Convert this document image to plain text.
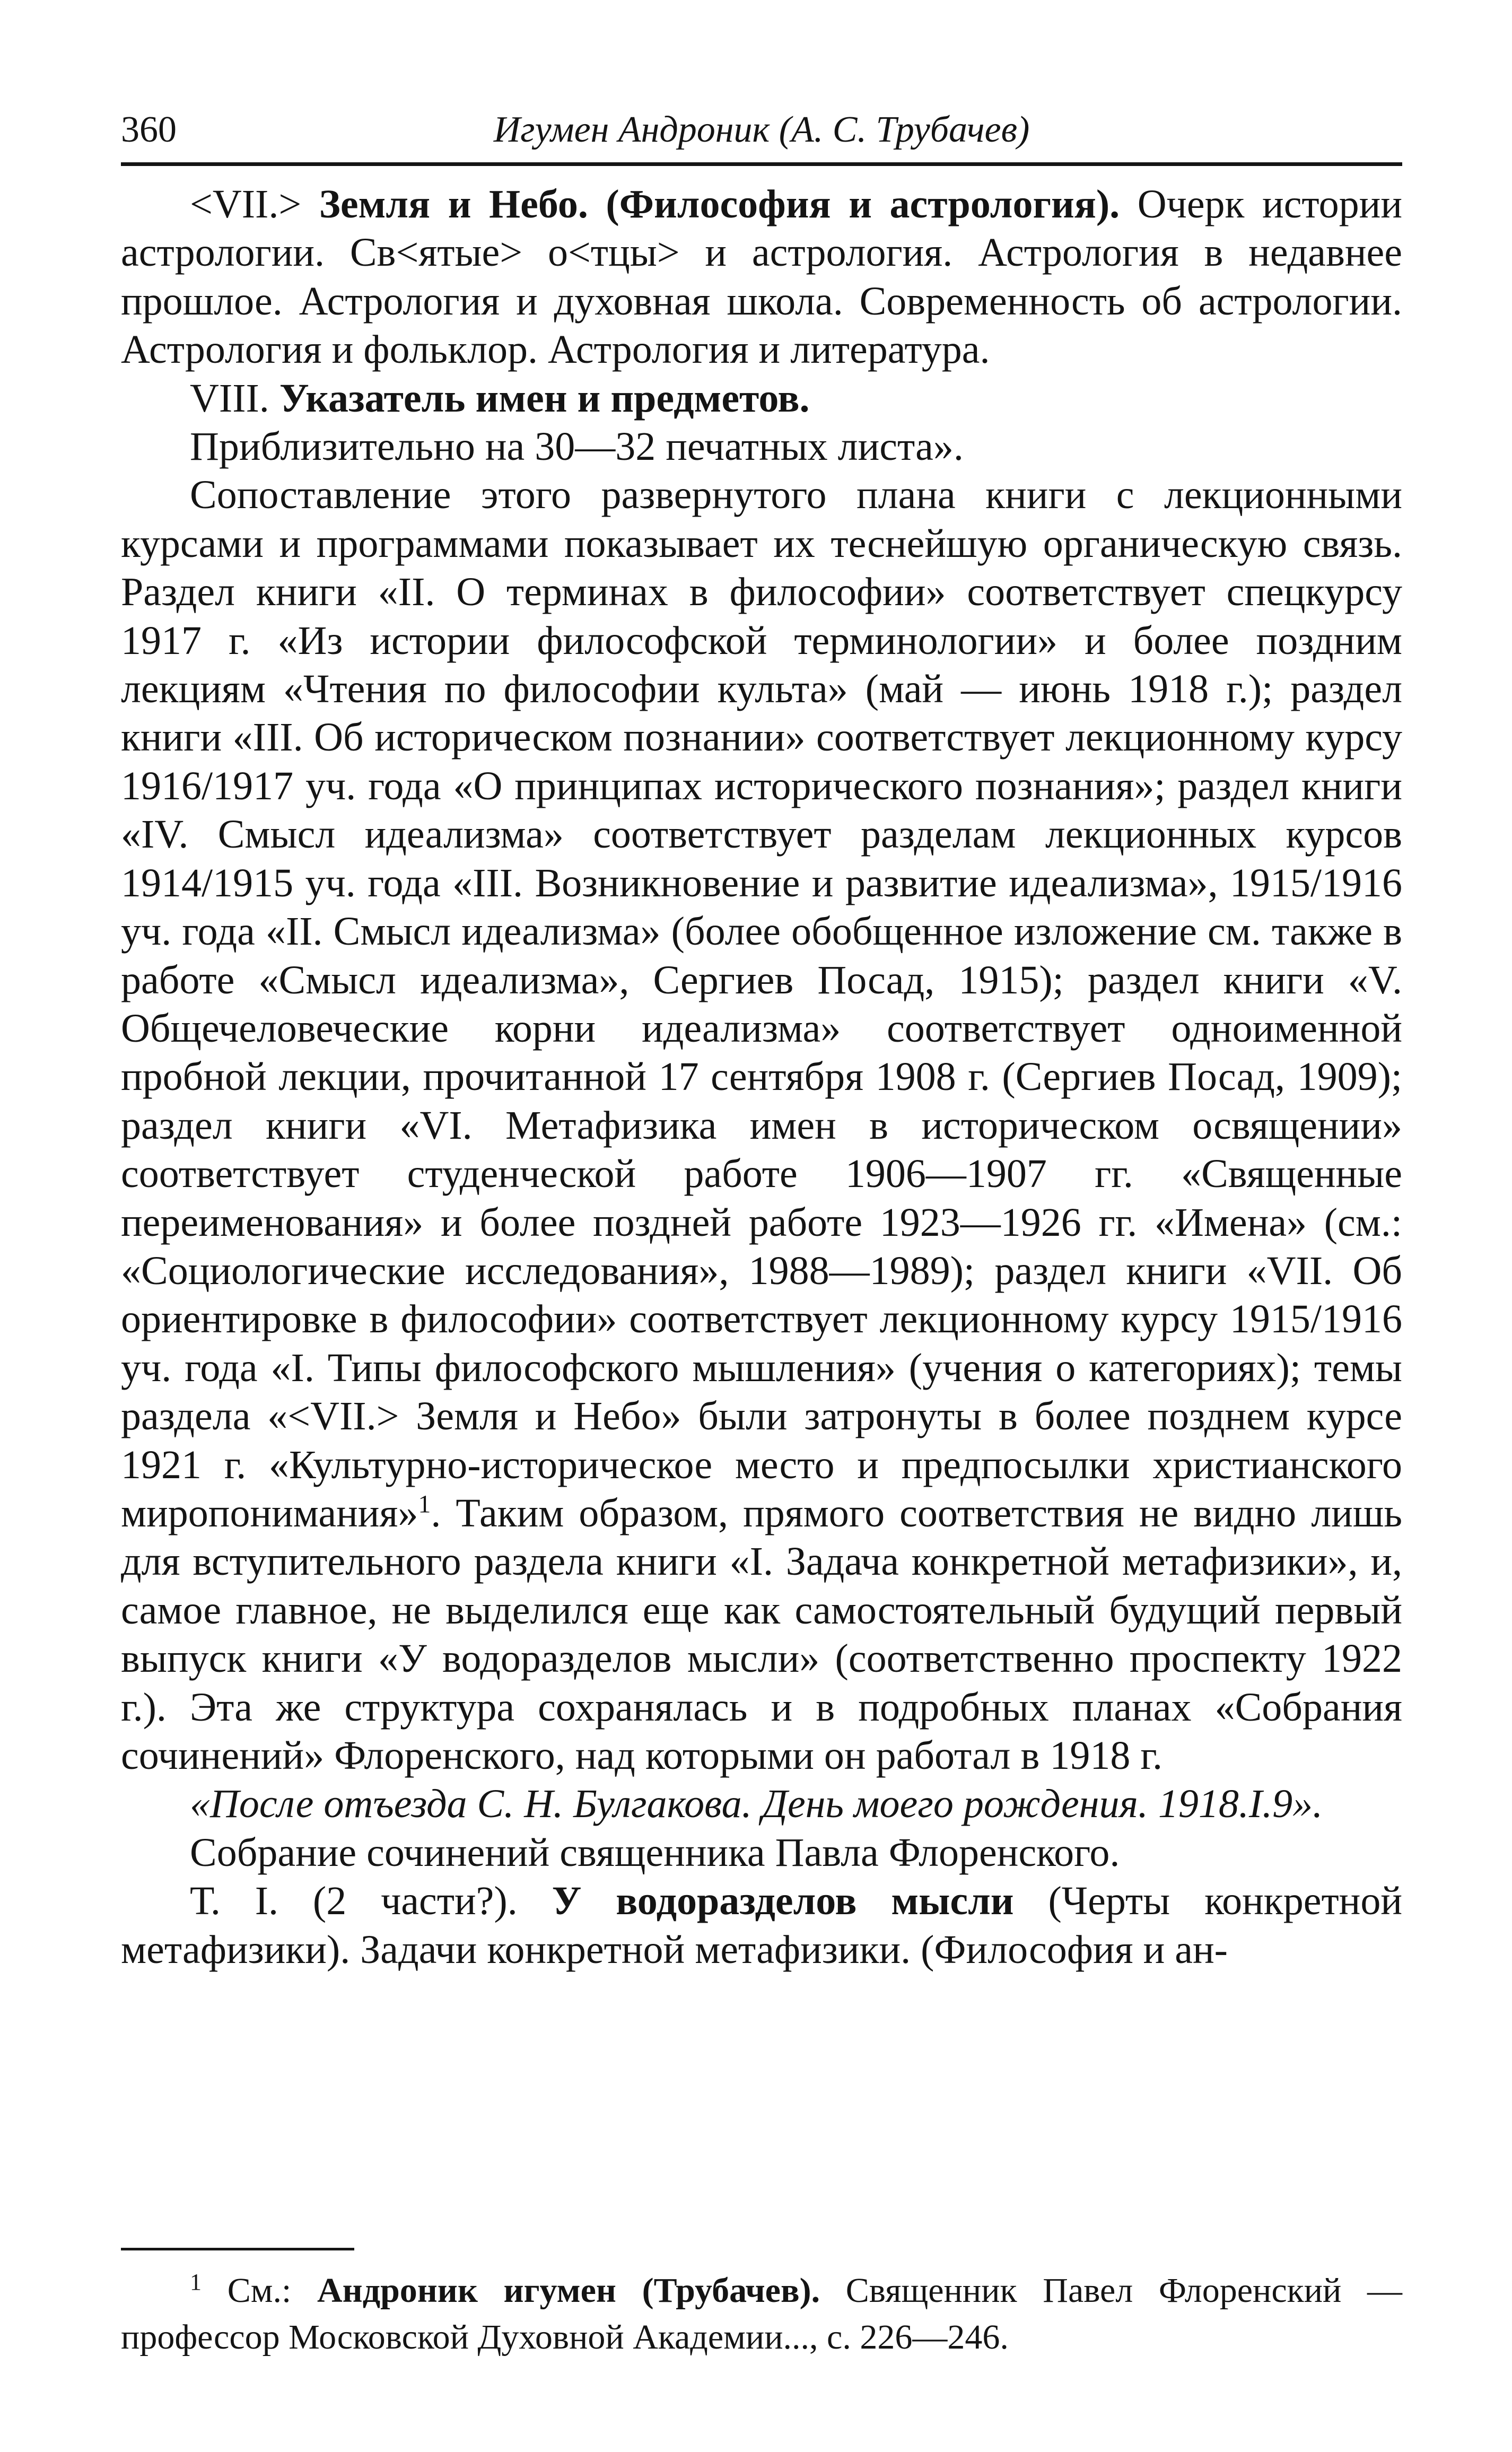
360	Игумен Андроник (А. С. Трубачев)

<VII.> Земля и Небо. (Философия и астрология). Очерк истории астрологии. Св<ятые> о<тцы> и астрология. Астрология в недавнее прошлое. Астрология и духовная школа. Современность об астрологии. Астрология и фольклор. Астрология и литература.

VIII. Указатель имен и предметов.

Приблизительно на 30—32 печатных листа».

Сопоставление этого развернутого плана книги с лекционными курсами и программами показывает их теснейшую органическую связь. Раздел книги «II. О терминах в философии» соответствует спецкурсу 1917 г. «Из истории философской терминологии» и более поздним лекциям «Чтения по философии культа» (май — июнь 1918 г.); раздел книги «III. Об историческом познании» соответствует лекционному курсу 1916/1917 уч. года «О принципах исторического познания»; раздел книги «IV. Смысл идеализма» соответствует разделам лекционных курсов 1914/1915 уч. года «III. Возникновение и развитие идеализма», 1915/1916 уч. года «II. Смысл идеализма» (более обобщенное изложение см. также в работе «Смысл идеализма», Сергиев Посад, 1915); раздел книги «V. Общечеловеческие корни идеализма» соответствует одноименной пробной лекции, прочитанной 17 сентября 1908 г. (Сергиев Посад, 1909); раздел книги «VI. Метафизика имен в историческом освящении» соответствует студенческой работе 1906—1907 гг. «Священные переименования» и более поздней работе 1923—1926 гг. «Имена» (см.: «Социологические исследования», 1988—1989); раздел книги «VII. Об ориентировке в философии» соответствует лекционному курсу 1915/1916 уч. года «I. Типы философского мышления» (учения о категориях); темы раздела «<VII.> Земля и Небо» были затронуты в более позднем курсе 1921 г. «Культурно-историческое место и предпосылки христианского миропонимания»$^1$. Таким образом, прямого соответствия не видно лишь для вступительного раздела книги «I. Задача конкретной метафизики», и, самое главное, не выделился еще как самостоятельный будущий первый выпуск книги «У водоразделов мысли» (соответственно проспекту 1922 г.). Эта же структура сохранялась и в подробных планах «Собрания сочинений» Флоренского, над которыми он работал в 1918 г.

«После отъезда С. Н. Булгакова. День моего рождения. 1918.I.9».

Собрание сочинений священника Павла Флоренского.

Т. I. (2 части?). У водоразделов мысли (Черты конкретной метафизики). Задачи конкретной метафизики. (Философия и ан-

$^1$ См.: Андроник игумен (Трубачев). Священник Павел Флоренский — профессор Московской Духовной Академии..., с. 226—246.
